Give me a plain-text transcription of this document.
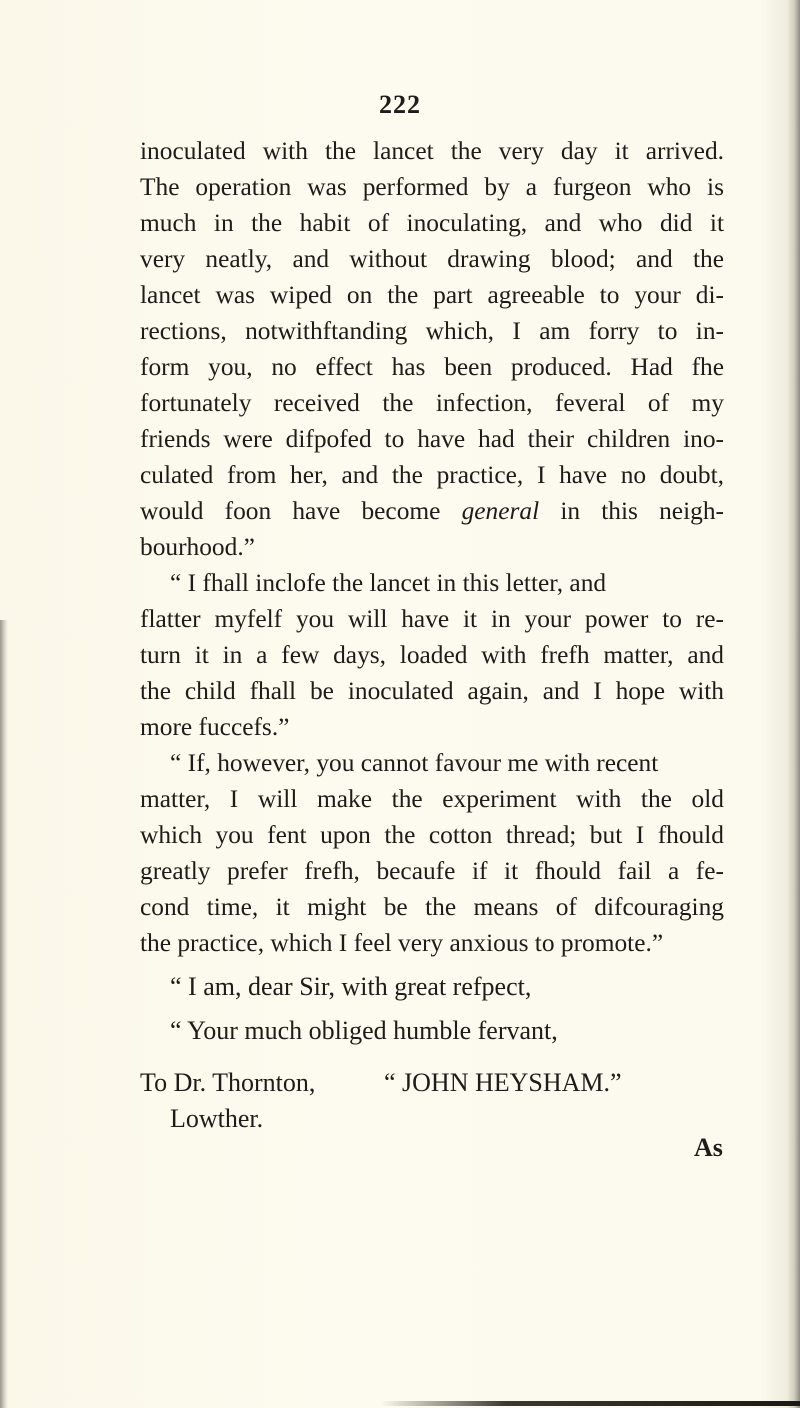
222
inoculated with the lancet the very day it arrived.
The operation was performed by a furgeon who is
much in the habit of inoculating, and who did it
very neatly, and without drawing blood; and the
lancet was wiped on the part agreeable to your di-
rections, notwithftanding which, I am forry to in-
form you, no effect has been produced. Had fhe
fortunately received the infection, feveral of my
friends were difpofed to have had their children ino-
culated from her, and the practice, I have no doubt,
would foon have become general in this neigh-
bourhood.”
“ I fhall inclofe the lancet in this letter, and
flatter myfelf you will have it in your power to re-
turn it in a few days, loaded with frefh matter, and
the child fhall be inoculated again, and I hope with
more fuccefs.”
“ If, however, you cannot favour me with recent
matter, I will make the experiment with the old
which you fent upon the cotton thread; but I fhould
greatly prefer frefh, becaufe if it fhould fail a fe-
cond time, it might be the means of difcouraging
the practice, which I feel very anxious to promote.”
“ I am, dear Sir, with great refpect,
“ Your much obliged humble fervant,
To Dr. Thornton,	“ JOHN HEYSHAM.”
Lowther.
As
